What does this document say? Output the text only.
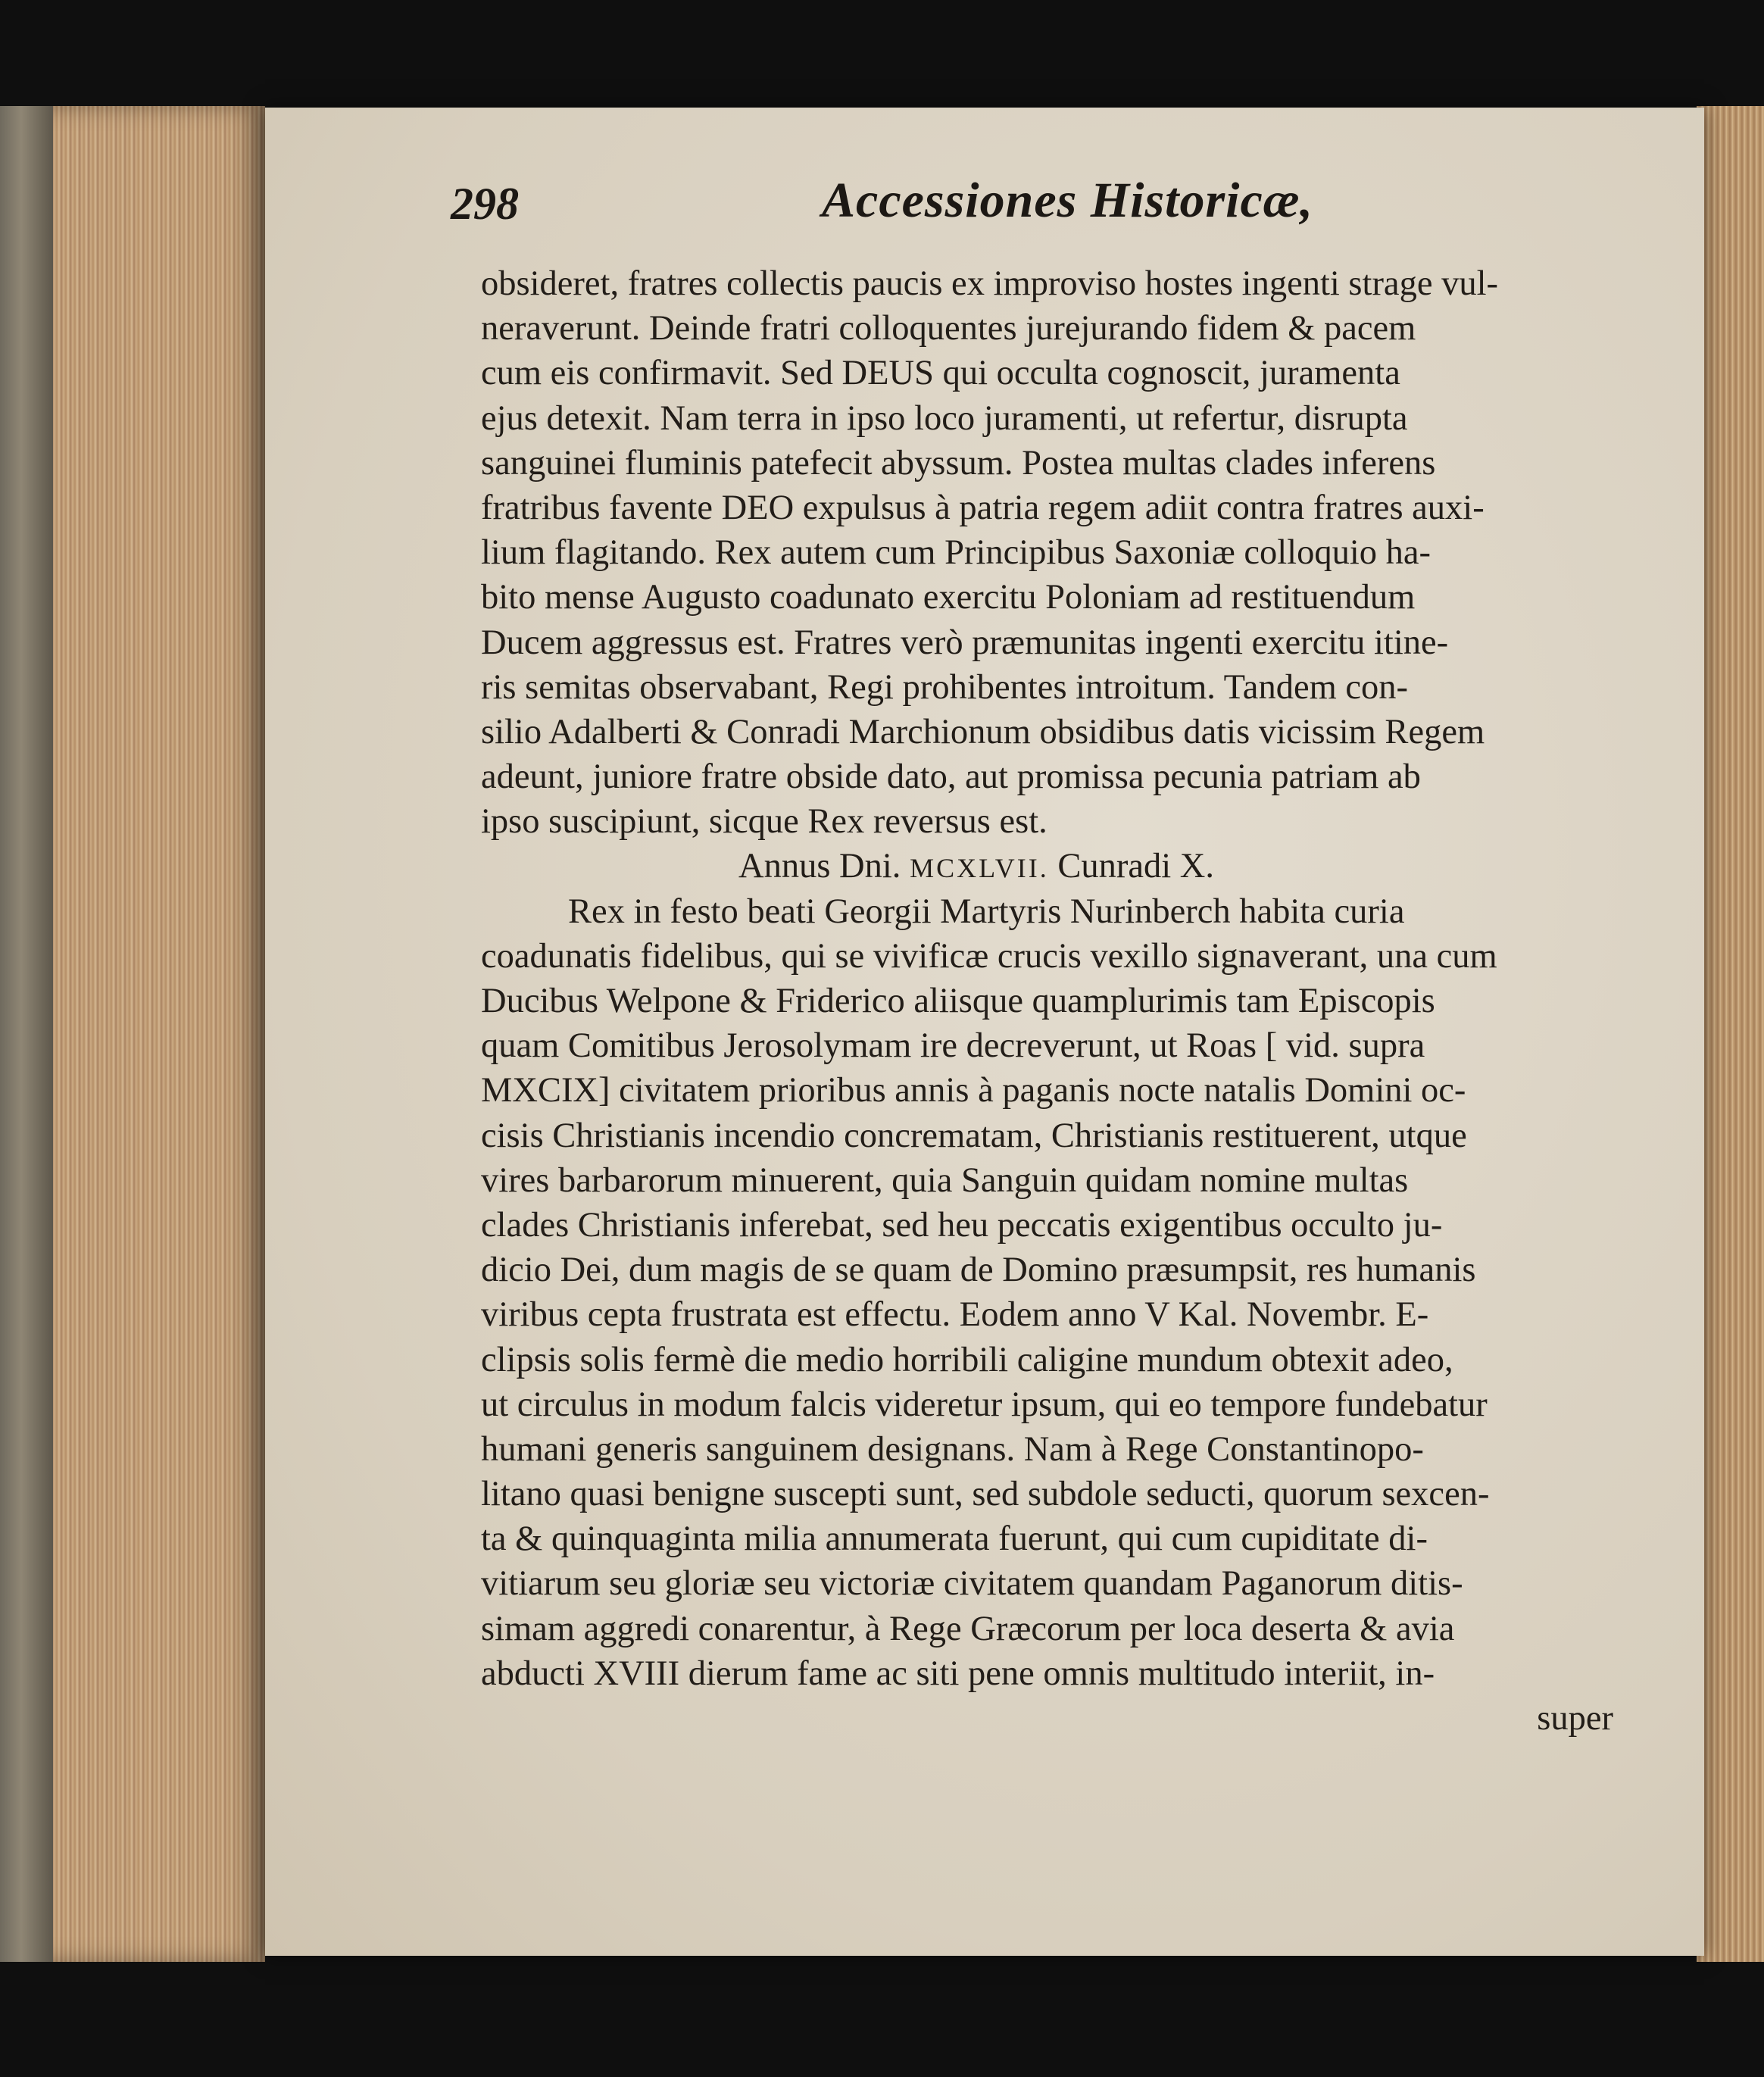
298	Accessiones Historicæ,
obsideret, fratres collectis paucis ex improviso hostes ingenti strage vul-
neraverunt. Deinde fratri colloquentes jurejurando fidem & pacem
cum eis confirmavit. Sed DEUS qui occulta cognoscit, juramenta
ejus detexit. Nam terra in ipso loco juramenti, ut refertur, disrupta
sanguinei fluminis patefecit abyssum. Postea multas clades inferens
fratribus favente DEO expulsus à patria regem adiit contra fratres auxi-
lium flagitando. Rex autem cum Principibus Saxoniæ colloquio ha-
bito mense Augusto coadunato exercitu Poloniam ad restituendum
Ducem aggressus est. Fratres verò præmunitas ingenti exercitu itine-
ris semitas observabant, Regi prohibentes introitum. Tandem con-
silio Adalberti & Conradi Marchionum obsidibus datis vicissim Regem
adeunt, juniore fratre obside dato, aut promissa pecunia patriam ab
ipso suscipiunt, sicque Rex reversus est.
Annus Dni. MCXLVII. Cunradi X.
Rex in festo beati Georgii Martyris Nurinberch habita curia
coadunatis fidelibus, qui se vivificæ crucis vexillo signaverant, una cum
Ducibus Welpone & Friderico aliisque quamplurimis tam Episcopis
quam Comitibus Jerosolymam ire decreverunt, ut Roas [ vid. supra
MXCIX] civitatem prioribus annis à paganis nocte natalis Domini oc-
cisis Christianis incendio concrematam, Christianis restituerent, utque
vires barbarorum minuerent, quia Sanguin quidam nomine multas
clades Christianis inferebat, sed heu peccatis exigentibus occulto ju-
dicio Dei, dum magis de se quam de Domino præsumpsit, res humanis
viribus cepta frustrata est effectu. Eodem anno V Kal. Novembr. E-
clipsis solis fermè die medio horribili caligine mundum obtexit adeo,
ut circulus in modum falcis videretur ipsum, qui eo tempore fundebatur
humani generis sanguinem designans. Nam à Rege Constantinopo-
litano quasi benigne suscepti sunt, sed subdole seducti, quorum sexcen-
ta & quinquaginta milia annumerata fuerunt, qui cum cupiditate di-
vitiarum seu gloriæ seu victoriæ civitatem quandam Paganorum ditis-
simam aggredi conarentur, à Rege Græcorum per loca deserta & avia
abducti XVIII dierum fame ac siti pene omnis multitudo interiit, in-
super
